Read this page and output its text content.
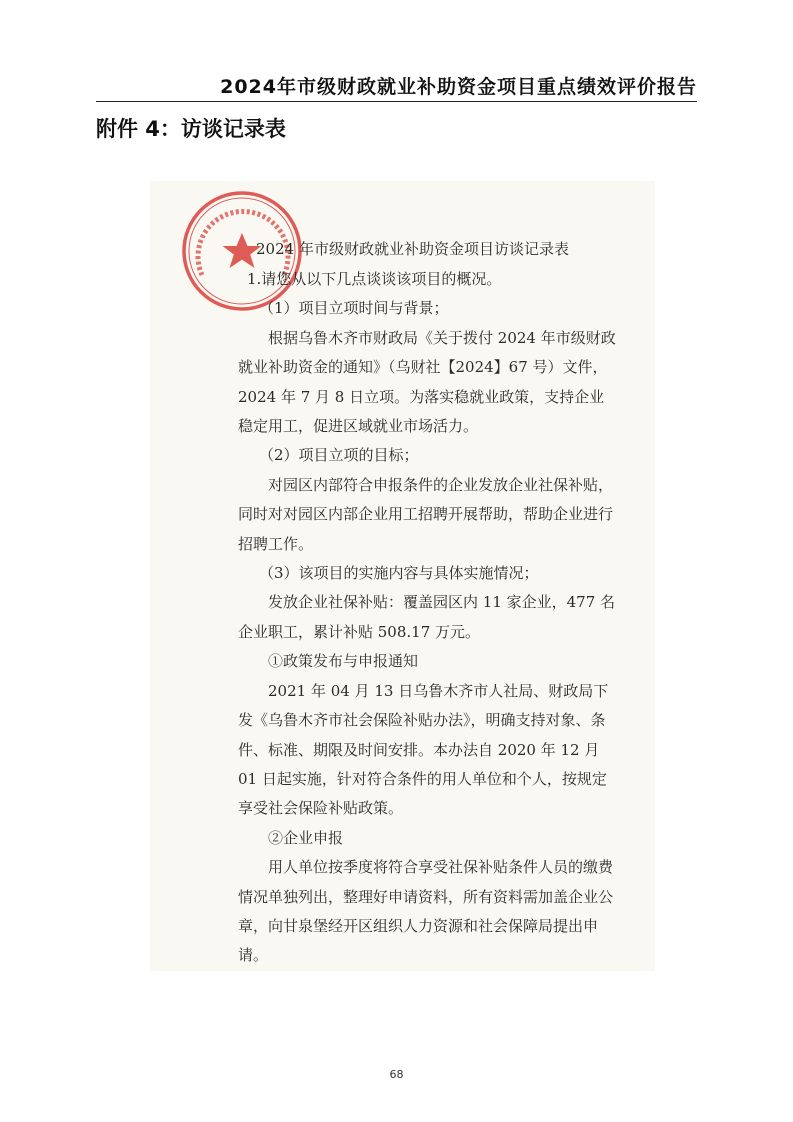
2024年市级财政就业补助资金项目重点绩效评价报告
附件 4：访谈记录表
2024 年市级财政就业补助资金项目访谈记录表

1.请您从以下几点谈谈该项目的概况。

（1）项目立项时间与背景；

根据乌鲁木齐市财政局《关于拨付 2024 年市级财政就业补助资金的通知》（乌财社【2024】67 号）文件，2024 年 7 月 8 日立项。为落实稳就业政策，支持企业稳定用工，促进区域就业市场活力。

（2）项目立项的目标；

对园区内部符合申报条件的企业发放企业社保补贴，同时对对园区内部企业用工招聘开展帮助，帮助企业进行招聘工作。

（3）该项目的实施内容与具体实施情况；

发放企业社保补贴：覆盖园区内 11 家企业，477 名企业职工，累计补贴 508.17 万元。

①政策发布与申报通知

2021 年 04 月 13 日乌鲁木齐市人社局、财政局下发《乌鲁木齐市社会保险补贴办法》，明确支持对象、条件、标准、期限及时间安排。本办法自 2020 年 12 月 01 日起实施，针对符合条件的用人单位和个人，按规定享受社会保险补贴政策。

②企业申报

用人单位按季度将符合享受社保补贴条件人员的缴费情况单独列出，整理好申请资料，所有资料需加盖企业公章，向甘泉堡经开区组织人力资源和社会保障局提出申请。

68
